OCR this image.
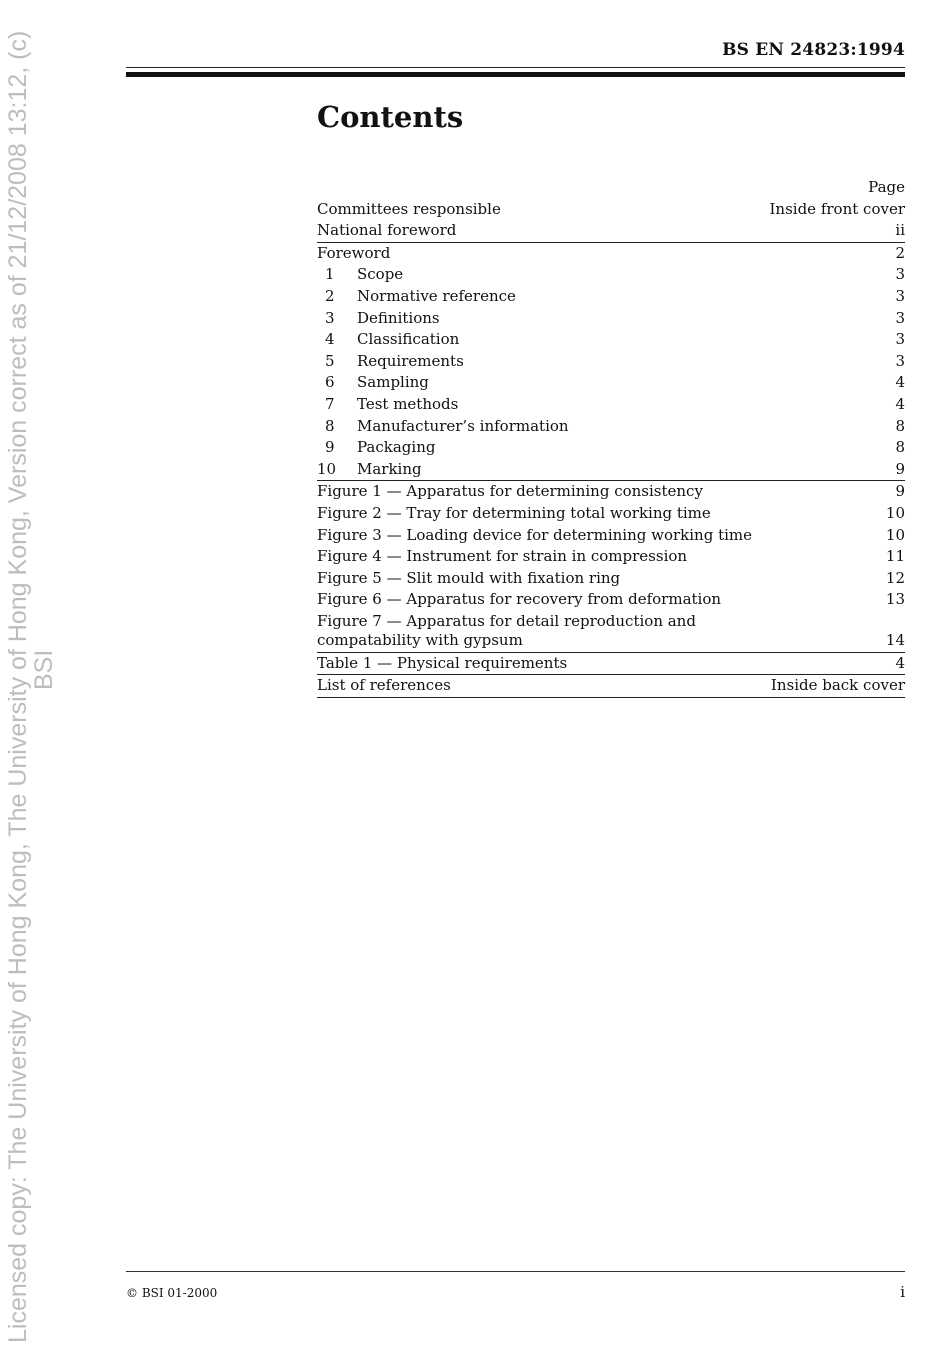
Licensed copy: The University of Hong Kong, The University of Hong Kong, Version correct as of 21/12/2008 13:12, (c)
BSI
BS EN 24823:1994
Contents
Page
Committees responsible	Inside front cover
National foreword	ii
Foreword	2
1	Scope	3
2	Normative reference	3
3	Definitions	3
4	Classification	3
5	Requirements	3
6	Sampling	4
7	Test methods	4
8	Manufacturer’s information	8
9	Packaging	8
10	Marking	9
Figure 1 — Apparatus for determining consistency	9
Figure 2 — Tray for determining total working time	10
Figure 3 — Loading device for determining working time	10
Figure 4 — Instrument for strain in compression	11
Figure 5 — Slit mould with fixation ring	12
Figure 6 — Apparatus for recovery from deformation	13
Figure 7 — Apparatus for detail reproduction and compatability with gypsum	14
Table 1 — Physical requirements	4
List of references	Inside back cover
© BSI 01-2000	i
